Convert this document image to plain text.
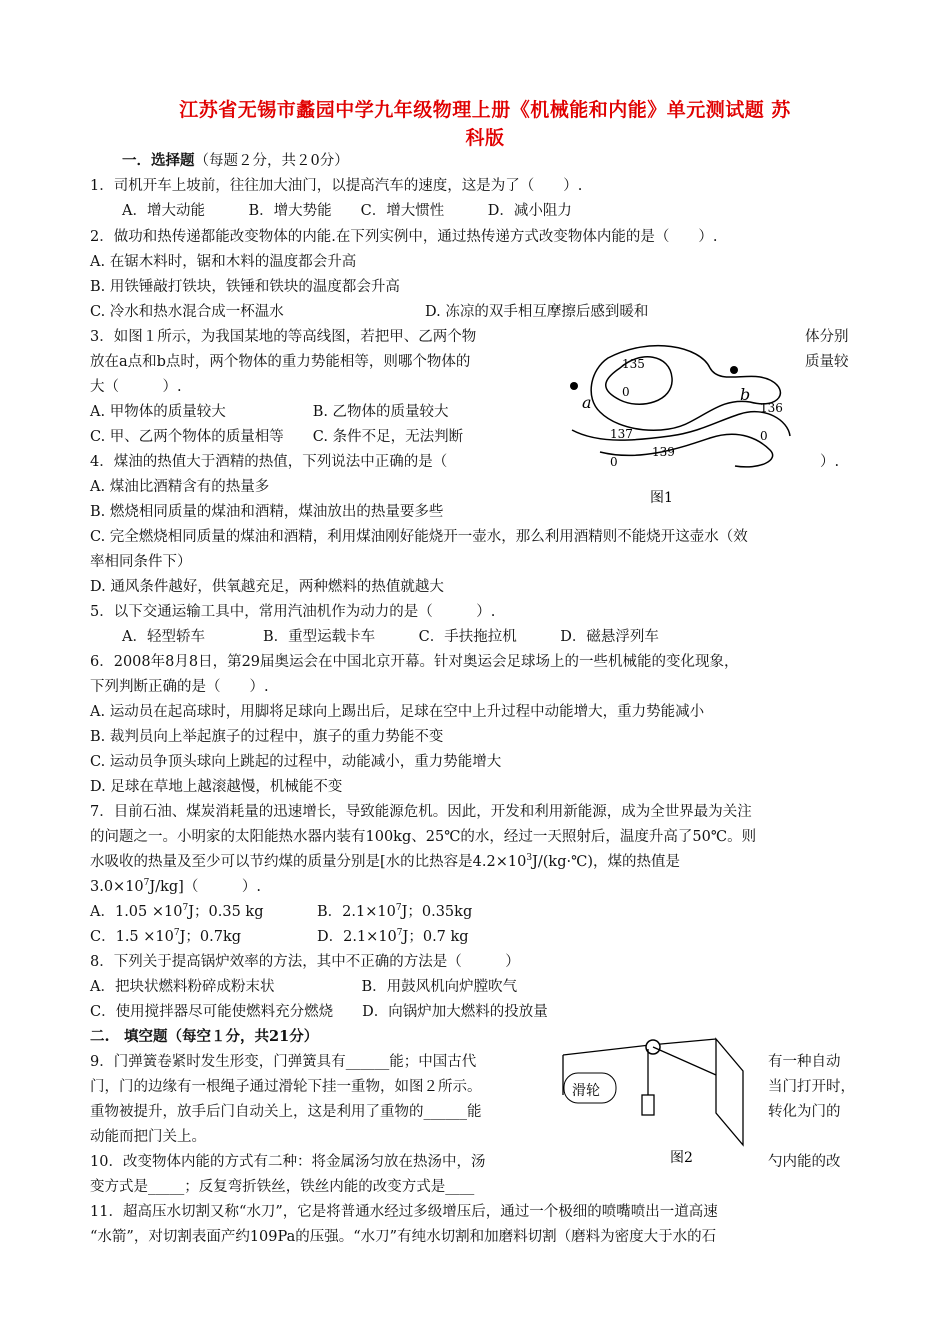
江苏省无锡市蠡园中学九年级物理上册《机械能和内能》单元测试题 苏
科版
一．选择题（每题２分，共２0分）
1．司机开车上坡前，往往加大油门，以提高汽车的速度，这是为了（　　）.
A．增大动能　　　B．增大势能　　C．增大惯性　　　D．减小阻力
2．做功和热传递都能改变物体的内能.在下列实例中，通过热传递方式改变物体内能的是（　　）.
A. 在锯木料时，锯和木料的温度都会升高
B. 用铁锤敲打铁块，铁锤和铁块的温度都会升高
C. 冷水和热水混合成一杯温水	D. 冻凉的双手相互摩擦后感到暖和
3．如图１所示，为我国某地的等高线图，若把甲、乙两个物	体分别
放在a点和b点时，两个物体的重力势能相等，则哪个物体的	质量较
大（　　　）.
A. 甲物体的质量较大　　　　　　B. 乙物体的质量较大
C. 甲、乙两个物体的质量相等　　C. 条件不足，无法判断
a	b
135
0
136
0
137
0
139
图1
4．煤油的热值大于酒精的热值，下列说法中正确的是（	）.
A. 煤油比酒精含有的热量多
B. 燃烧相同质量的煤油和酒精，煤油放出的热量要多些
C. 完全燃烧相同质量的煤油和酒精，利用煤油刚好能烧开一壶水，那么利用酒精则不能烧开这壶水（效
率相同条件下）
D. 通风条件越好，供氧越充足，两种燃料的热值就越大
5．以下交通运输工具中，常用汽油机作为动力的是（　　　）.
A．轻型轿车　　　　B．重型运载卡车　　　C．手扶拖拉机　　　D．磁悬浮列车
6．2008年8月8日，第29届奥运会在中国北京开幕。针对奥运会足球场上的一些机械能的变化现象，
下列判断正确的是（　　）.
A. 运动员在起高球时，用脚将足球向上踢出后，足球在空中上升过程中动能增大，重力势能减小
B. 裁判员向上举起旗子的过程中，旗子的重力势能不变
C. 运动员争顶头球向上跳起的过程中，动能减小，重力势能增大
D. 足球在草地上越滚越慢，机械能不变
7．目前石油、煤炭消耗量的迅速增长，导致能源危机。因此，开发和利用新能源，成为全世界最为关注
的问题之一。小明家的太阳能热水器内装有100kg、25℃的水，经过一天照射后，温度升高了50℃。则
水吸收的热量及至少可以节约煤的质量分别是[水的比热容是$4.2\times 10^3J/(kg\cdot℃)$，煤的热值是
$3.0\times 10^7J/kg$]（　　　）.
A．$1.05 \times 10^7J$；0.35 kg	B．$2.1\times 10^7J$；0.35kg
C．$1.5 \times 10^7J$；0.7kg	D．$2.1\times 10^7J$；0.7 kg
8．下列关于提高锅炉效率的方法，其中不正确的方法是（　　　）
A．把块状燃料粉碎成粉末状　　　　　　B．用鼓风机向炉膛吹气
C．使用搅拌器尽可能使燃料充分燃烧　　D．向锅炉加大燃料的投放量
二.　填空题（每空１分，共21分）
9．门弹簧卷紧时发生形变，门弹簧具有______能；中国古代	有一种自动
门，门的边缘有一根绳子通过滑轮下挂一重物，如图２所示。	当门打开时，
重物被提升，放手后门自动关上，这是利用了重物的______能	转化为门的
动能而把门关上。
滑轮
图2
10．改变物体内能的方式有二种：将金属汤匀放在热汤中，汤	勺内能的改
变方式是_____；反复弯折铁丝，铁丝内能的改变方式是____
11．超高压水切割又称“水刀”，它是将普通水经过多级增压后，通过一个极细的喷嘴喷出一道高速
“水箭”，对切割表面产约109Pa的压强。“水刀”有纯水切割和加磨料切割（磨料为密度大于水的石
